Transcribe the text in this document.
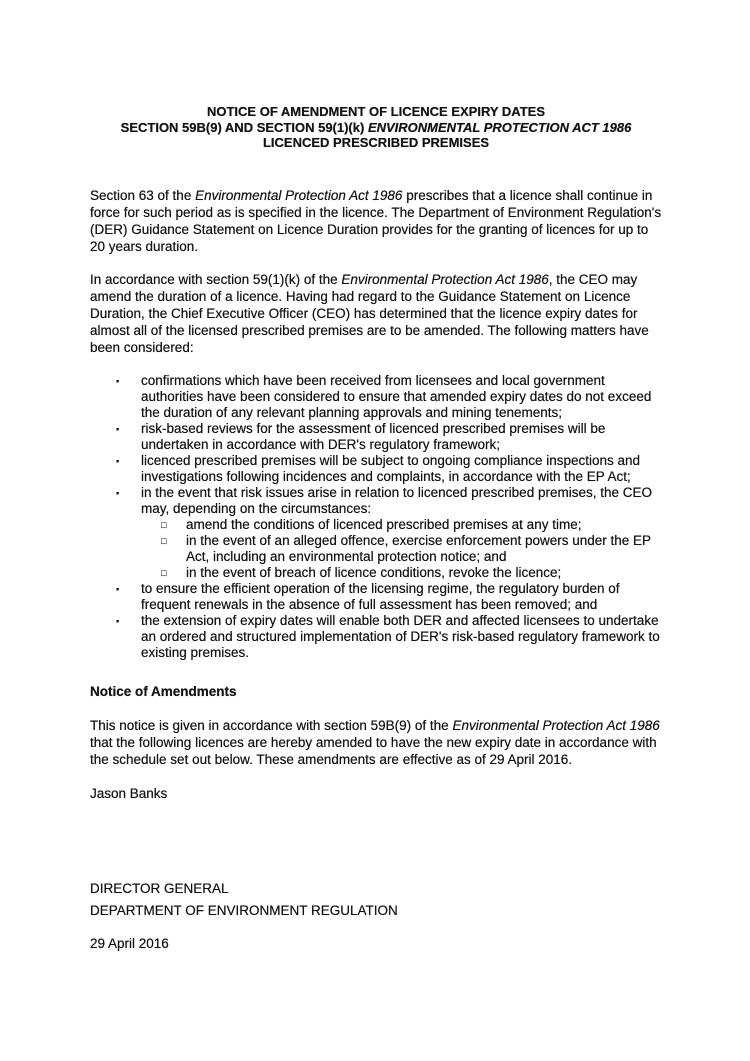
NOTICE OF AMENDMENT OF LICENCE EXPIRY DATES
SECTION 59B(9) AND SECTION 59(1)(k) ENVIRONMENTAL PROTECTION ACT 1986
LICENCED PRESCRIBED PREMISES

Section 63 of the Environmental Protection Act 1986 prescribes that a licence shall continue in force for such period as is specified in the licence. The Department of Environment Regulation's (DER) Guidance Statement on Licence Duration provides for the granting of licences for up to 20 years duration.

In accordance with section 59(1)(k) of the Environmental Protection Act 1986, the CEO may amend the duration of a licence. Having had regard to the Guidance Statement on Licence Duration, the Chief Executive Officer (CEO) has determined that the licence expiry dates for almost all of the licensed prescribed premises are to be amended. The following matters have been considered:

▪	confirmations which have been received from licensees and local government authorities have been considered to ensure that amended expiry dates do not exceed the duration of any relevant planning approvals and mining tenements;
▪	risk-based reviews for the assessment of licenced prescribed premises will be undertaken in accordance with DER's regulatory framework;
▪	licenced prescribed premises will be subject to ongoing compliance inspections and investigations following incidences and complaints, in accordance with the EP Act;
▪	in the event that risk issues arise in relation to licenced prescribed premises, the CEO may, depending on the circumstances:
□	amend the conditions of licenced prescribed premises at any time;
□	in the event of an alleged offence, exercise enforcement powers under the EP Act, including an environmental protection notice; and
□	in the event of breach of licence conditions, revoke the licence;
▪	to ensure the efficient operation of the licensing regime, the regulatory burden of frequent renewals in the absence of full assessment has been removed; and
▪	the extension of expiry dates will enable both DER and affected licensees to undertake an ordered and structured implementation of DER's risk-based regulatory framework to existing premises.
Notice of Amendments

This notice is given in accordance with section 59B(9) of the Environmental Protection Act 1986 that the following licences are hereby amended to have the new expiry date in accordance with the schedule set out below. These amendments are effective as of 29 April 2016.

Jason Banks

DIRECTOR GENERAL
DEPARTMENT OF ENVIRONMENT REGULATION

29 April 2016
